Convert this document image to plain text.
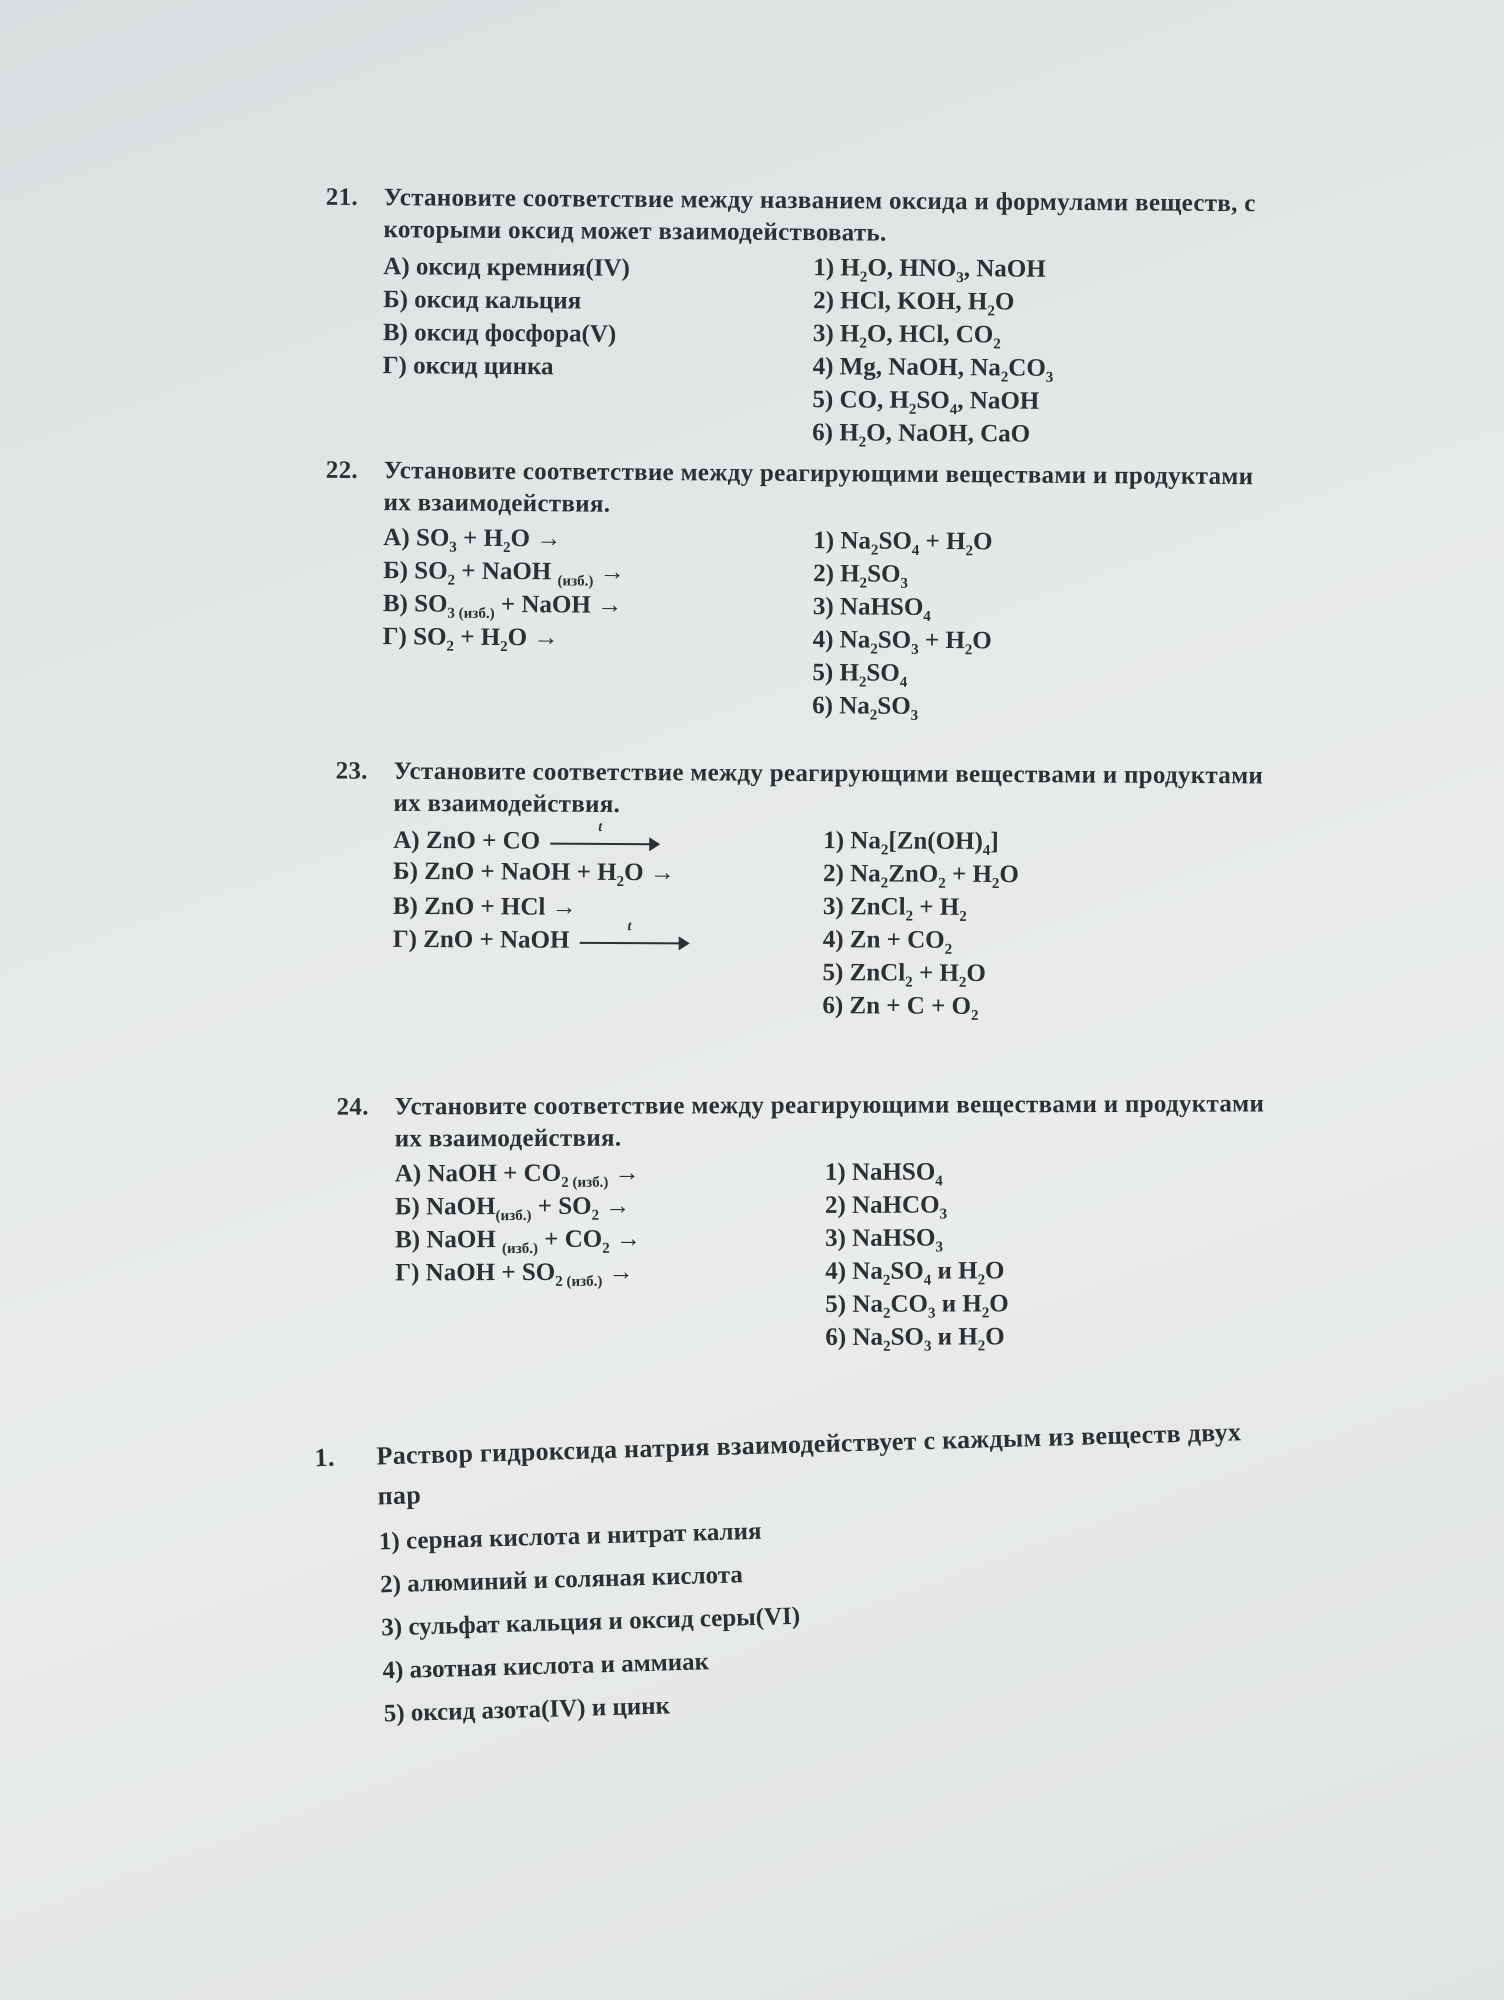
21.	Установите соответствие между названием оксида и формулами веществ, с которыми оксид может взаимодействовать.
А) оксид кремния(IV)	1) $H_2O$, $HNO_3$, NaOH
Б) оксид кальция	2) HCl, KOH, $H_2O$
В) оксид фосфора(V)	3) $H_2O$, HCl, $CO_2$
Г) оксид цинка	4) Mg, NaOH, $Na_2CO_3$
5) CO, $H_2SO_4$, NaOH
6) $H_2O$, NaOH, CaO
22.	Установите соответствие между реагирующими веществами и продуктами их взаимодействия.
А) $SO_3 + H_2O$ →	1) $Na_2SO_4 + H_2O$
Б) $SO_2$ + NaOH $_{(изб.)}$ →	2) $H_2SO_3$
В) $SO_{3 (изб.)}$ + NaOH →	3) NaHSO$_4$
Г) $SO_2 + H_2O$ →	4) $Na_2SO_3 + H_2O$
5) $H_2SO_4$
6) $Na_2SO_3$
23.	Установите соответствие между реагирующими веществами и продуктами их взаимодействия.
А) ZnO + CO	t	1) $Na_2[Zn(OH)_4]$
Б) ZnO + NaOH + $H_2O$ →	2) $Na_2ZnO_2 + H_2O$
В) ZnO + HCl →	3) ZnCl$_2$ + $H_2$
Г) ZnO + NaOH	t	4) $Zn + CO_2$
5) ZnCl$_2$ + $H_2O$
6) $Zn + C + O_2$
24.	Установите соответствие между реагирующими веществами и продуктами их взаимодействия.
А) NaOH + $CO_{2 (изб.)}$ →	1) NaHSO$_4$
Б) NaOH$_{(изб.)}$ + $SO_2$ →	2) NaHCO$_3$
В) NaOH $_{(изб.)} + CO_2$ →	3) NaHSO$_3$
Г) NaOH + $SO_{2 (изб.)}$ →	4) $Na_2SO_4$ и $H_2O$
5) $Na_2CO_3$ и $H_2O$
6) $Na_2SO_3$ и $H_2O$
1.	Раствор гидроксида натрия взаимодействует с каждым из веществ двух пар
1) серная кислота и нитрат калия
2) алюминий и соляная кислота
3) сульфат кальция и оксид серы(VI)
4) азотная кислота и аммиак
5) оксид азота(IV) и цинк
